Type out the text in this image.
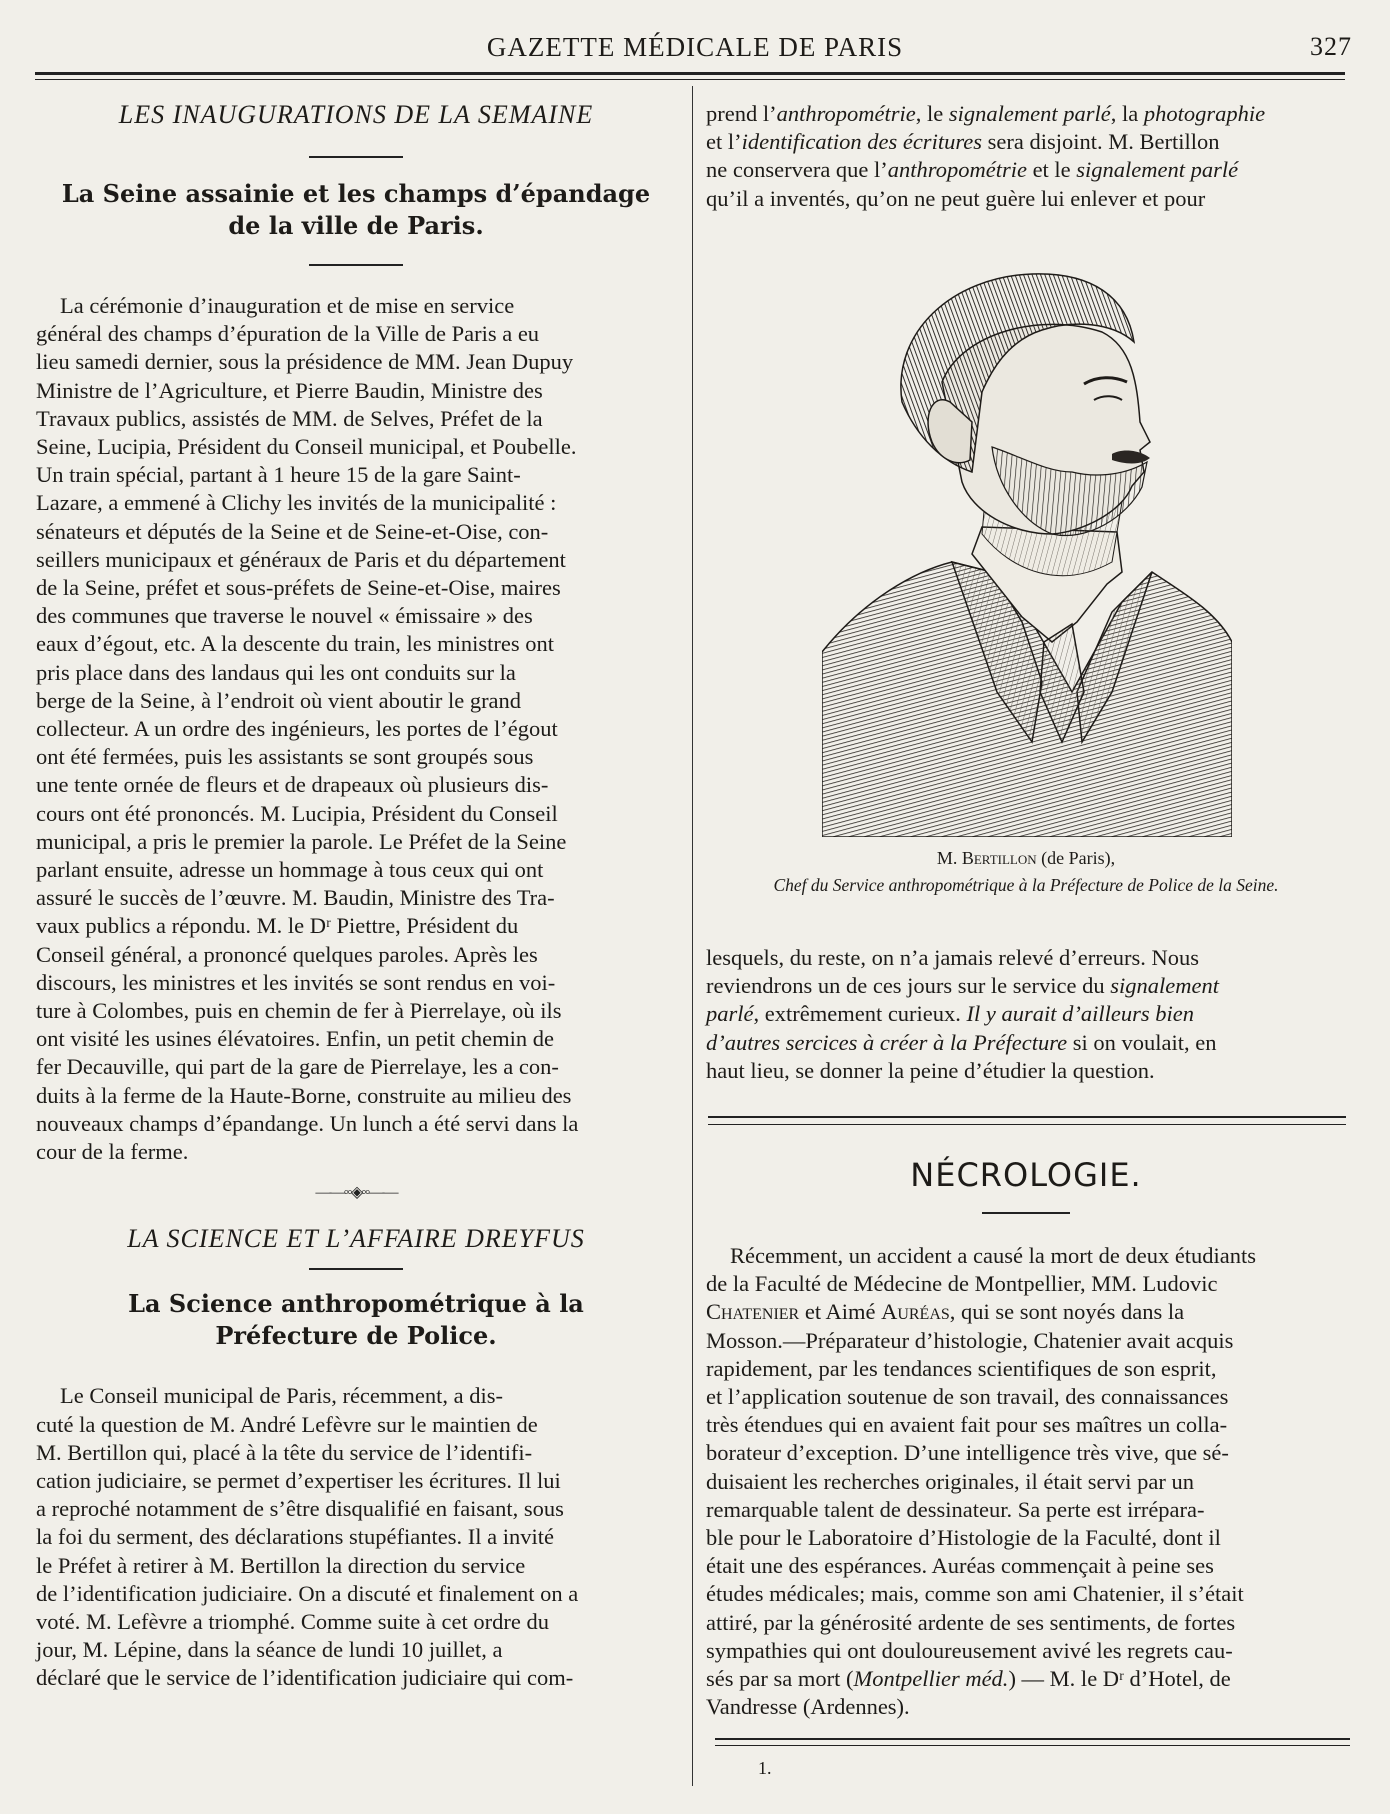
GAZETTE MÉDICALE DE PARIS	327

LES INAUGURATIONS DE LA SEMAINE

La Seine assainie et les champs d’épandage

de la ville de Paris.

La cérémonie d’inauguration et de mise en service

général des champs d’épuration de la Ville de Paris a eu

lieu samedi dernier, sous la présidence de MM. Jean Dupuy

Ministre de l’Agriculture, et Pierre Baudin, Ministre des

Travaux publics, assistés de MM. de Selves, Préfet de la

Seine, Lucipia, Président du Conseil municipal, et Poubelle.

Un train spécial, partant à 1 heure 15 de la gare Saint-

Lazare, a emmené à Clichy les invités de la municipalité :

sénateurs et députés de la Seine et de Seine-et-Oise, con-

seillers municipaux et généraux de Paris et du département

de la Seine, préfet et sous-préfets de Seine-et-Oise, maires

des communes que traverse le nouvel « émissaire » des

eaux d’égout, etc. A la descente du train, les ministres ont

pris place dans des landaus qui les ont conduits sur la

berge de la Seine, à l’endroit où vient aboutir le grand

collecteur. A un ordre des ingénieurs, les portes de l’égout

ont été fermées, puis les assistants se sont groupés sous

une tente ornée de fleurs et de drapeaux où plusieurs dis-

cours ont été prononcés. M. Lucipia, Président du Conseil

municipal, a pris le premier la parole. Le Préfet de la Seine

parlant ensuite, adresse un hommage à tous ceux qui ont

assuré le succès de l’œuvre. M. Baudin, Ministre des Tra-

vaux publics a répondu. M. le Dʳ Piettre, Président du

Conseil général, a prononcé quelques paroles. Après les

discours, les ministres et les invités se sont rendus en voi-

ture à Colombes, puis en chemin de fer à Pierrelaye, où ils

ont visité les usines élévatoires. Enfin, un petit chemin de

fer Decauville, qui part de la gare de Pierrelaye, les a con-

duits à la ferme de la Haute-Borne, construite au milieu des

nouveaux champs d’épandange. Un lunch a été servi dans la

cour de la ferme.

——◦◦◈◦◦——

LA SCIENCE ET L’AFFAIRE DREYFUS

La Science anthropométrique à la

Préfecture de Police.

Le Conseil municipal de Paris, récemment, a dis-

cuté la question de M. André Lefèvre sur le maintien de

M. Bertillon qui, placé à la tête du service de l’identifi-

cation judiciaire, se permet d’expertiser les écritures. Il lui

a reproché notamment de s’être disqualifié en faisant, sous

la foi du serment, des déclarations stupéfiantes. Il a invité

le Préfet à retirer à M. Bertillon la direction du service

de l’identification judiciaire. On a discuté et finalement on a

voté. M. Lefèvre a triomphé. Comme suite à cet ordre du

jour, M. Lépine, dans la séance de lundi 10 juillet, a

déclaré que le service de l’identification judiciaire qui com-

prend l’anthropométrie, le signalement parlé, la photographie

et l’identification des écritures sera disjoint. M. Bertillon

ne conservera que l’anthropométrie et le signalement parlé

qu’il a inventés, qu’on ne peut guère lui enlever et pour

M. Bertillon (de Paris),

Chef du Service anthropométrique à la Préfecture de Police de la Seine.

lesquels, du reste, on n’a jamais relevé d’erreurs. Nous

reviendrons un de ces jours sur le service du signalement

parlé, extrêmement curieux. Il y aurait d’ailleurs bien

d’autres sercices à créer à la Préfecture si on voulait, en

haut lieu, se donner la peine d’étudier la question.

NÉCROLOGIE.

Récemment, un accident a causé la mort de deux étudiants

de la Faculté de Médecine de Montpellier, MM. Ludovic

Chatenier et Aimé Auréas, qui se sont noyés dans la

Mosson.—Préparateur d’histologie, Chatenier avait acquis

rapidement, par les tendances scientifiques de son esprit,

et l’application soutenue de son travail, des connaissances

très étendues qui en avaient fait pour ses maîtres un colla-

borateur d’exception. D’une intelligence très vive, que sé-

duisaient les recherches originales, il était servi par un

remarquable talent de dessinateur. Sa perte est irrépara-

ble pour le Laboratoire d’Histologie de la Faculté, dont il

était une des espérances. Auréas commençait à peine ses

études médicales; mais, comme son ami Chatenier, il s’était

attiré, par la générosité ardente de ses sentiments, de fortes

sympathies qui ont douloureusement avivé les regrets cau-

sés par sa mort (Montpellier méd.) — M. le Dʳ d’Hotel, de

Vandresse (Ardennes).

1.
